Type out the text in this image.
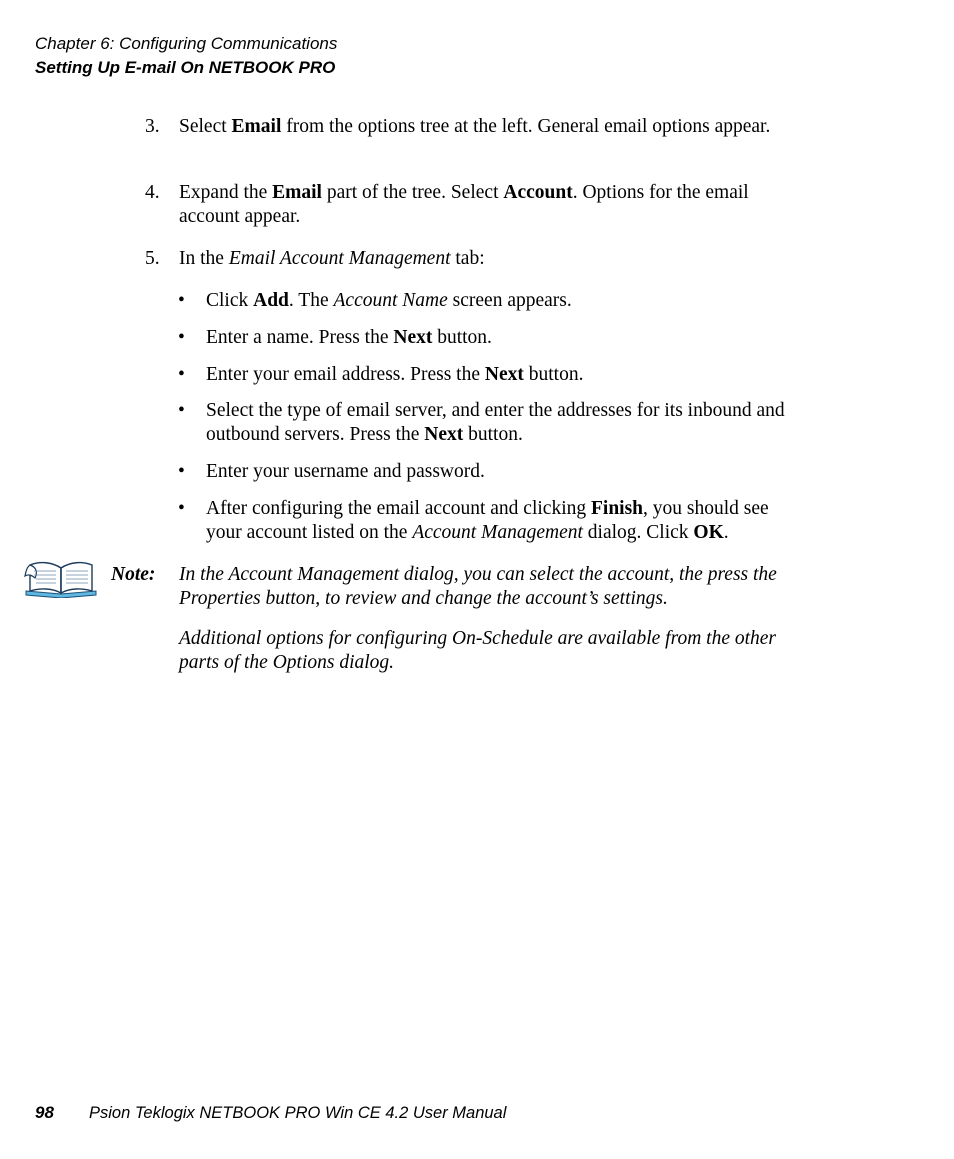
Chapter 6: Configuring Communications
Setting Up E-mail On NETBOOK PRO
3. Select Email from the options tree at the left. General email options appear.
4. Expand the Email part of the tree. Select Account. Options for the email account appear.
5. In the Email Account Management tab:
• Click Add. The Account Name screen appears.
• Enter a name. Press the Next button.
• Enter your email address. Press the Next button.
• Select the type of email server, and enter the addresses for its inbound and outbound servers. Press the Next button.
• Enter your username and password.
• After configuring the email account and clicking Finish, you should see your account listed on the Account Management dialog. Click OK.
Note: In the Account Management dialog, you can select the account, the press the Properties button, to review and change the account’s settings.
Additional options for configuring On-Schedule are available from the other parts of the Options dialog.
98 Psion Teklogix NETBOOK PRO Win CE 4.2 User Manual
